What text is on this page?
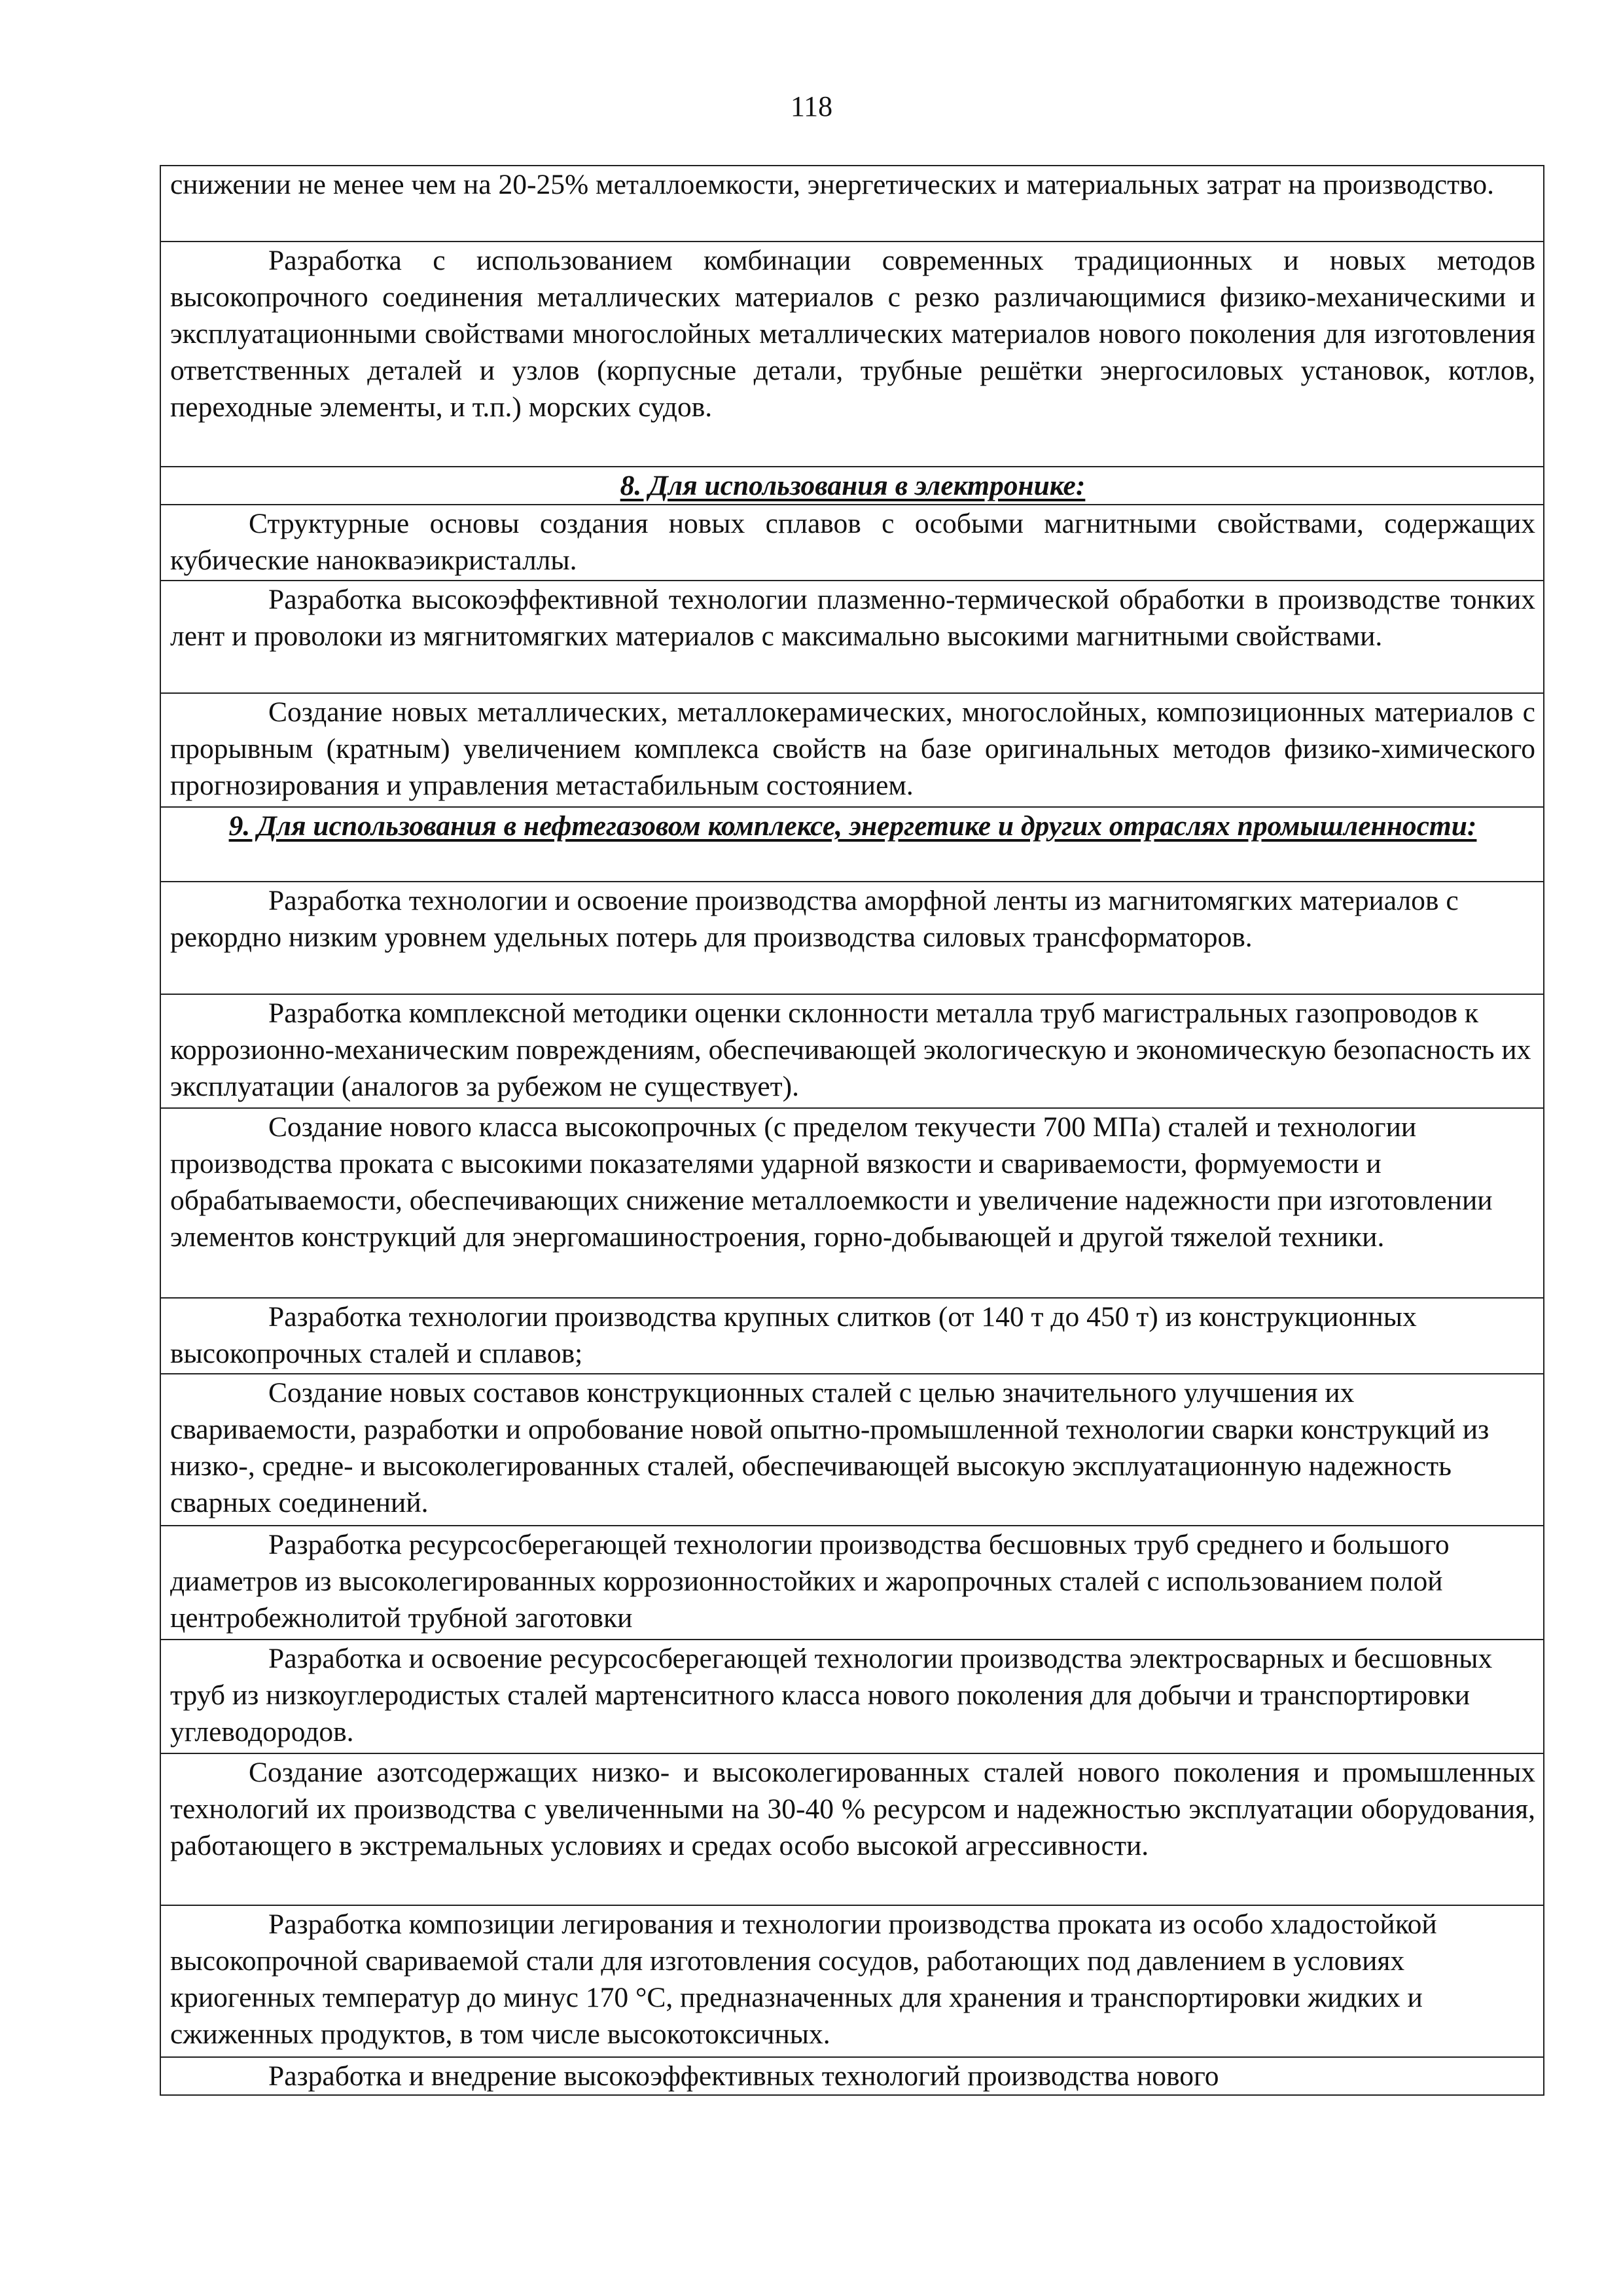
118
снижении не менее чем на 20-25% металлоемкости, энергетических и материальных затрат на производство.
Разработка с использованием комбинации современных традиционных и новых методов высокопрочного соединения металлических материалов с резко различающимися физико-механическими и эксплуатационными свойствами многослойных металлических материалов нового поколения для изготовления ответственных деталей и узлов (корпусные детали, трубные решётки энергосиловых установок, котлов, переходные элементы, и т.п.) морских судов.
8. Для использования в электронике:
Структурные основы создания новых сплавов с особыми магнитными свойствами, содержащих кубические нанокваэикристаллы.
Разработка высокоэффективной технологии плазменно-термической обработки в производстве тонких лент и проволоки из мягнитомягких материалов с максимально высокими магнитными свойствами.
Создание новых металлических, металлокерамических, многослойных, композиционных материалов с прорывным (кратным) увеличением комплекса свойств на базе оригинальных методов физико-химического прогнозирования и управления метастабильным состоянием.
9. Для использования в нефтегазовом комплексе, энергетике и других отраслях промышленности:
Разработка технологии и освоение производства аморфной ленты из магнитомягких материалов с рекордно низким уровнем удельных потерь для производства силовых трансформаторов.
Разработка комплексной методики оценки склонности металла труб магистральных газопроводов к коррозионно-механическим повреждениям, обеспечивающей экологическую и экономическую безопасность их эксплуатации (аналогов за рубежом не существует).
Создание нового класса высокопрочных (с пределом текучести 700 МПа) сталей и технологии производства проката с высокими показателями ударной вязкости и свариваемости, формуемости и обрабатываемости, обеспечивающих снижение металлоемкости и увеличение надежности при изготовлении элементов конструкций для энергомашиностроения, горно-добывающей и другой тяжелой техники.
Разработка технологии производства крупных слитков (от 140 т до 450 т) из конструкционных высокопрочных сталей и сплавов;
Создание новых составов конструкционных сталей с целью значительного улучшения их свариваемости, разработки и опробование новой опытно-промышленной технологии сварки конструкций из низко-, средне- и высоколегированных сталей, обеспечивающей высокую эксплуатационную надежность сварных соединений.
Разработка ресурсосберегающей технологии производства бесшовных труб среднего и большого диаметров из высоколегированных коррозионностойких и жаропрочных сталей с использованием полой центробежнолитой трубной заготовки
Разработка и освоение ресурсосберегающей технологии производства электросварных и бесшовных труб из низкоуглеродистых сталей мартенситного класса нового поколения для добычи и транспортировки углеводородов.
Создание азотсодержащих низко- и высоколегированных сталей нового поколения и промышленных технологий их производства с увеличенными на 30-40 % ресурсом и надежностью эксплуатации оборудования, работающего в экстремальных условиях и средах особо высокой агрессивности.
Разработка композиции легирования и технологии производства проката из особо хладостойкой высокопрочной свариваемой стали для изготовления сосудов, работающих под давлением в условиях криогенных температур до минус 170 °С, предназначенных для хранения и транспортировки жидких и сжиженных продуктов, в том числе высокотоксичных.
Разработка и внедрение высокоэффективных технологий производства нового
